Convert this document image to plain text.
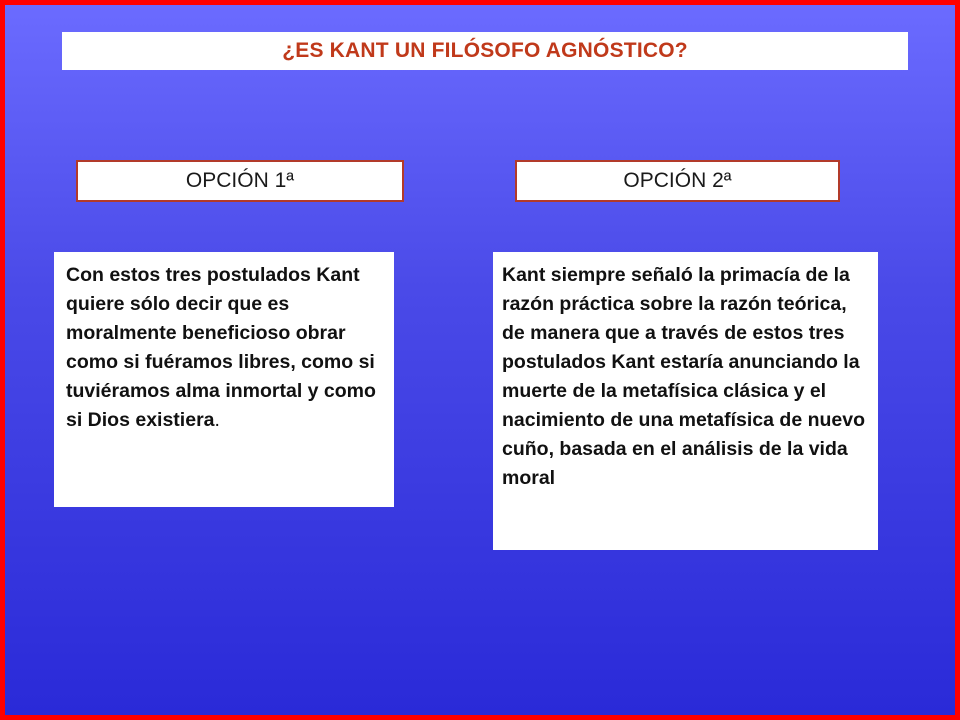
¿ES KANT UN FILÓSOFO AGNÓSTICO?
OPCIÓN 1ª	OPCIÓN 2ª
Con estos tres postulados Kant quiere sólo decir que es moralmente beneficioso obrar como si fuéramos libres, como si tuviéramos alma inmortal y como si Dios existiera.
Kant siempre señaló la primacía de la razón práctica sobre la razón teórica, de manera que a través de estos tres postulados Kant estaría anunciando la muerte de la metafísica clásica y el nacimiento de una metafísica de nuevo cuño, basada en el análisis de la vida moral
